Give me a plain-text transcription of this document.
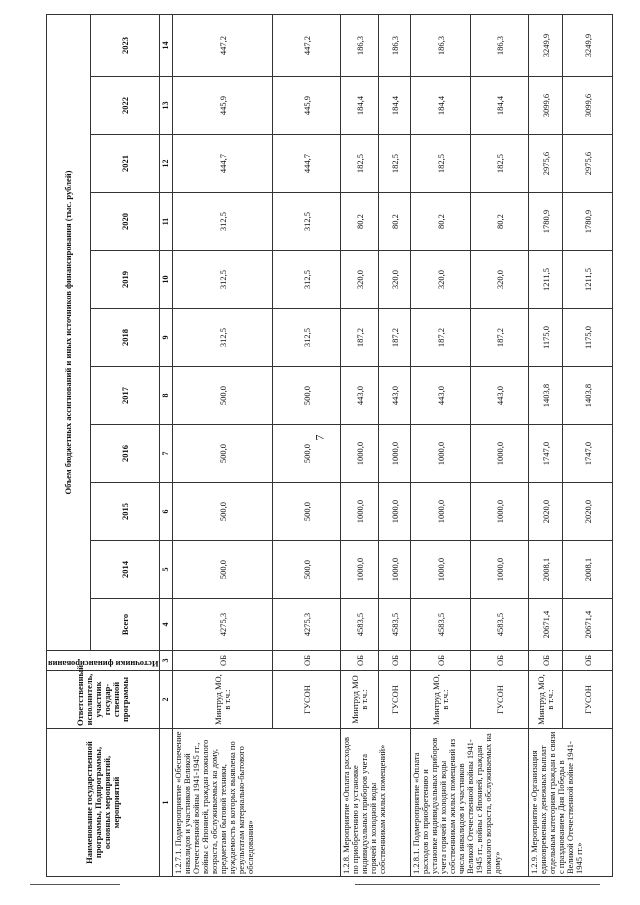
7
Наименование государственной программы, Подпрограммы, основных мероприятий, мероприятий	Ответственный исполнитель, участник государ-ственной программы	Источники финансирования	Объем бюджетных ассигнований и иных источников финансирования (тыс. рублей)										
			Всего	2014	2015	2016	2017	2018	2019	2020	2021	2022	2023
1	2	3	4	5	6	7	8	9	10	11	12	13	14
1.2.7.1. Подмероприятие «Обеспечение инвалидов и участников Великой Отечественной войны 1941-1945 гг., войны с Японией, граждан пожилого возраста, обслуживаемых на дому, предметами бытовой техники, нуждаемость в которых выявлена по результатам материально-бытового обследования»	Минтруд МО, в т.ч.:	ОБ	4275,3	500,0	500,0	500,0	500,0	312,5	312,5	312,5	444,7	445,9	447,2
	ГУСОН	ОБ	4275,3	500,0	500,0	500,0	500,0	312,5	312,5	312,5	444,7	445,9	447,2
1.2.8. Мероприятие «Оплата расходов по приобретению и установке индивидуальных приборов учета горячей и холодной воды собственникам жилых помещений»	Минтруд МО в т.ч.:	ОБ	4583,5	1000,0	1000,0	1000,0	443,0	187,2	320,0	80,2	182,5	184,4	186,3
	ГУСОН	ОБ	4583,5	1000,0	1000,0	1000,0	443,0	187,2	320,0	80,2	182,5	184,4	186,3
1.2.8.1. Подмероприятие «Оплата расходов по приобретению и установке индивидуальных приборов учета горячей и холодной воды собственникам жилых помещений из числа инвалидов и участников Великой Отечественной войны 1941-1945 гг., войны с Японией, граждан пожилого возраста, обслуживаемых на дому»	Минтруд МО, в т.ч.:	ОБ	4583,5	1000,0	1000,0	1000,0	443,0	187,2	320,0	80,2	182,5	184,4	186,3
	ГУСОН	ОБ	4583,5	1000,0	1000,0	1000,0	443,0	187,2	320,0	80,2	182,5	184,4	186,3
1.2.9. Мероприятие «Организация единовременных денежных выплат отдельным категориям граждан в связи с празднованием Дня Победы в Великой Отечественной войне 1941-1945 гг.»	Минтруд МО, в т.ч.:	ОБ	20671,4	2008,1	2020,0	1747,0	1403,8	1175,0	1211,5	1780,9	2975,6	3099,6	3249,9
	ГУСОН	ОБ	20671,4	2008,1	2020,0	1747,0	1403,8	1175,0	1211,5	1780,9	2975,6	3099,6	3249,9
